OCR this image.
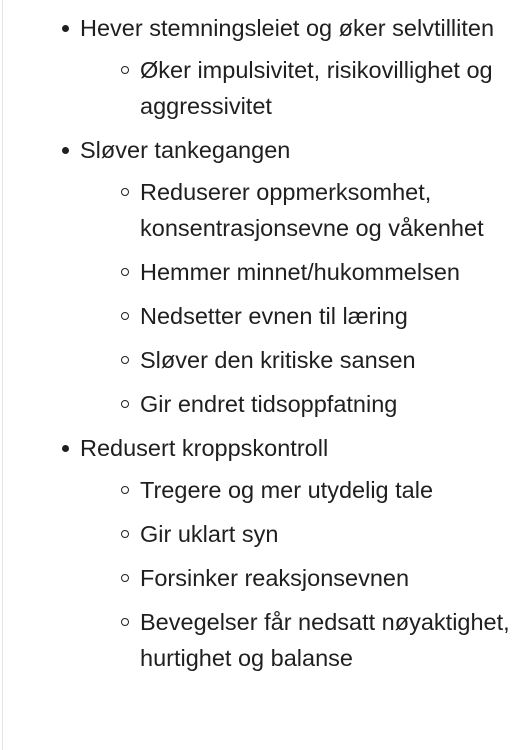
Hever stemningsleiet og øker selvtilliten
Øker impulsivitet, risikovillighet og aggressivitet
Sløver tankegangen
Reduserer oppmerksomhet, konsentrasjonsevne og våkenhet
Hemmer minnet/hukommelsen
Nedsetter evnen til læring
Sløver den kritiske sansen
Gir endret tidsoppfatning
Redusert kroppskontroll
Tregere og mer utydelig tale
Gir uklart syn
Forsinker reaksjonsevnen
Bevegelser får nedsatt nøyaktighet, hurtighet og balanse
